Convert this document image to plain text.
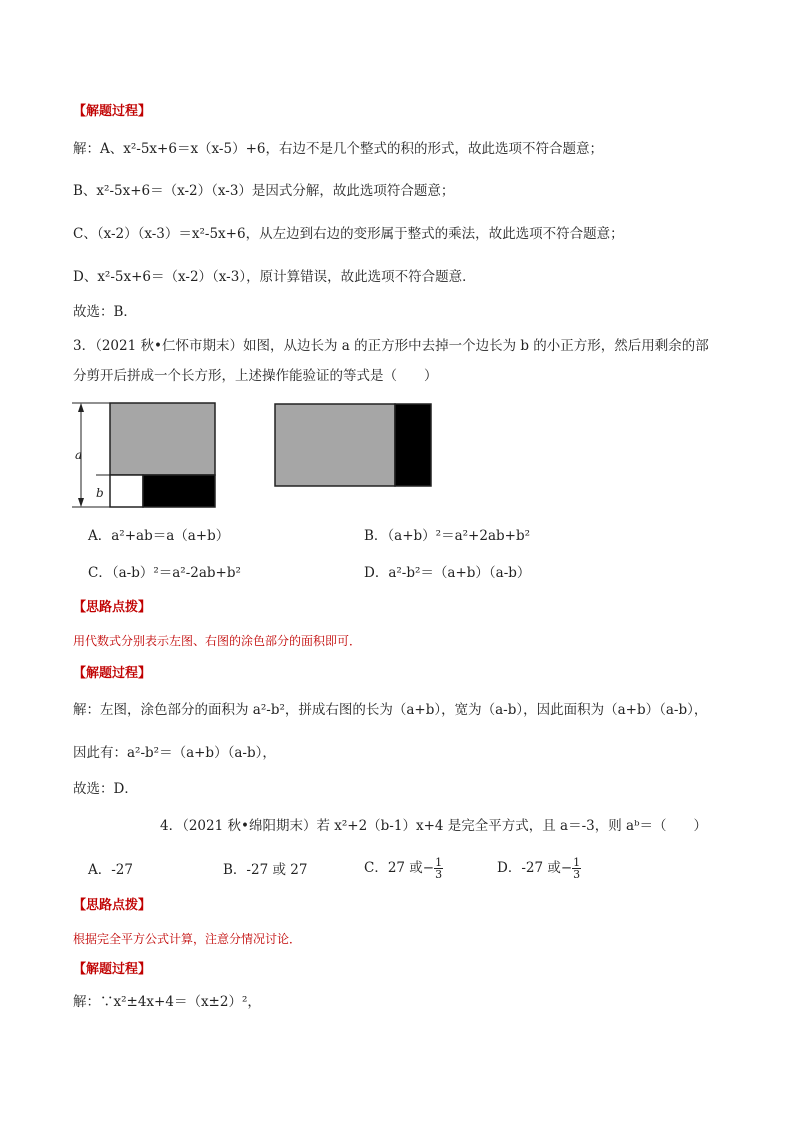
【解题过程】
解：A、x²-5x+6＝x（x-5）+6，右边不是几个整式的积的形式，故此选项不符合题意；
B、x²-5x+6＝（x-2）（x-3）是因式分解，故此选项符合题意；
C、（x-2）（x-3）＝x²-5x+6，从左边到右边的变形属于整式的乘法，故此选项不符合题意；
D、x²-5x+6＝（x-2）（x-3），原计算错误，故此选项不符合题意．
故选：B．
3．（2021 秋•仁怀市期末）如图，从边长为 a 的正方形中去掉一个边长为 b 的小正方形，然后用剩余的部
分剪开后拼成一个长方形，上述操作能验证的等式是（　　）
a
b
A．a²+ab＝a（a+b）	B．（a+b）²＝a²+2ab+b²
C．（a-b）²＝a²-2ab+b²	D．a²-b²＝（a+b）（a-b）
【思路点拨】
用代数式分别表示左图、右图的涂色部分的面积即可．
【解题过程】
解：左图，涂色部分的面积为 a²-b²，拼成右图的长为（a+b），宽为（a-b），因此面积为（a+b）（a-b），
因此有：a²-b²＝（a+b）（a-b），
故选：D．
4．（2021 秋•绵阳期末）若 x²+2（b-1）x+4 是完全平方式，且 a＝-3，则 aᵇ＝（　　）
A．-27	B．-27 或 27	C．27 或− $\frac{1}{3}$	D．-27 或− $\frac{1}{3}$
【思路点拨】
根据完全平方公式计算，注意分情况讨论．
【解题过程】
解：∵x²±4x+4＝（x±2）²，
